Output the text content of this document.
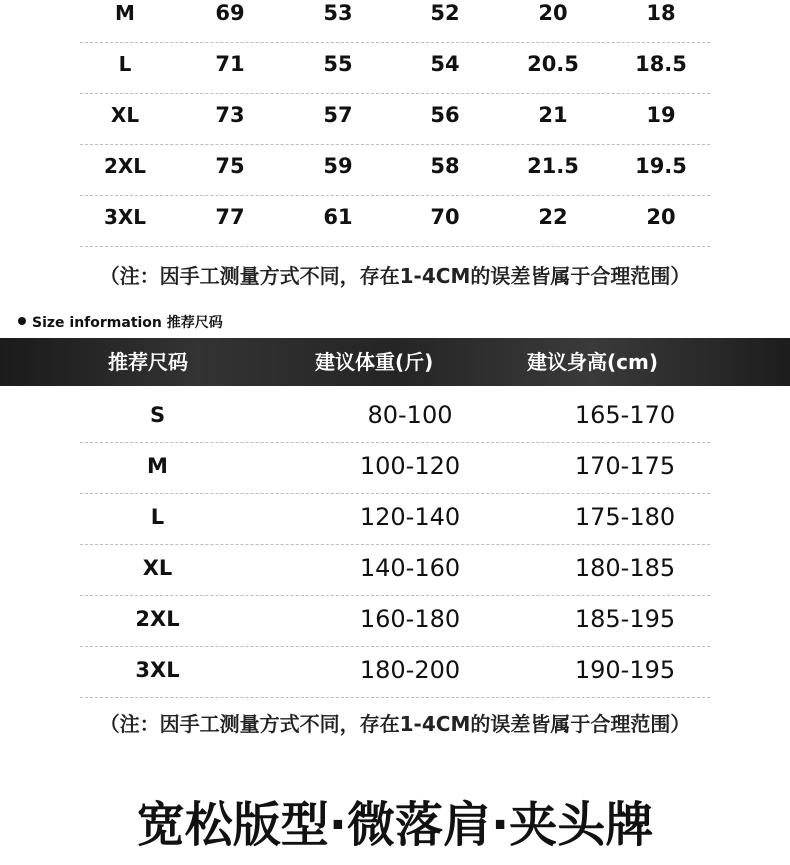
M	69	53	52	20	18
L	71	55	54	20.5	18.5
XL	73	57	56	21	19
2XL	75	59	58	21.5	19.5
3XL	77	61	70	22	20
（注：因手工测量方式不同，存在1-4CM的误差皆属于合理范围）
Size information 推荐尺码
推荐尺码	建议体重(斤)	建议身高(cm)
S	80-100	165-170
M	100-120	170-175
L	120-140	175-180
XL	140-160	180-185
2XL	160-180	185-195
3XL	180-200	190-195
（注：因手工测量方式不同，存在1-4CM的误差皆属于合理范围）
宽松版型·微落肩·夹头牌
